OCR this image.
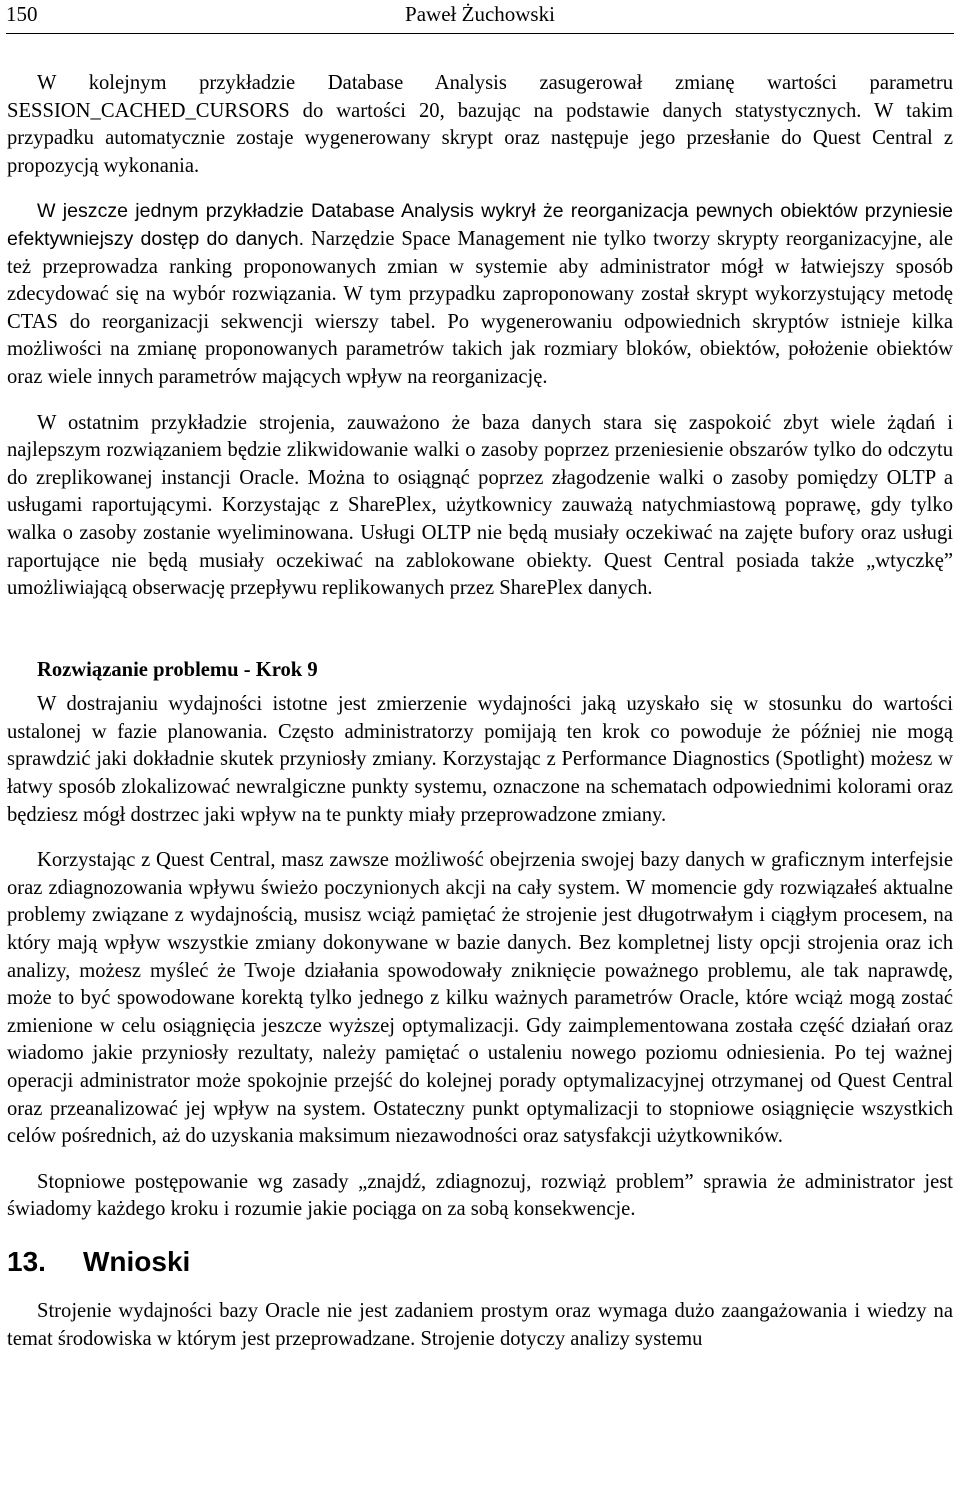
150	Paweł Żuchowski

W kolejnym przykładzie Database Analysis zasugerował zmianę wartości parametru SESSION_CACHED_CURSORS do wartości 20, bazując na podstawie danych statystycznych. W takim przypadku automatycznie zostaje wygenerowany skrypt oraz następuje jego przesłanie do Quest Central z propozycją wykonania.

W jeszcze jednym przykładzie Database Analysis wykrył że reorganizacja pewnych obiektów przyniesie efektywniejszy dostęp do danych. Narzędzie Space Management nie tylko tworzy skrypty reorganizacyjne, ale też przeprowadza ranking proponowanych zmian w systemie aby administrator mógł w łatwiejszy sposób zdecydować się na wybór rozwiązania. W tym przypadku zaproponowany został skrypt wykorzystujący metodę CTAS do reorganizacji sekwencji wierszy tabel. Po wygenerowaniu odpowiednich skryptów istnieje kilka możliwości na zmianę proponowanych parametrów takich jak rozmiary bloków, obiektów, położenie obiektów oraz wiele innych parametrów mających wpływ na reorganizację.

W ostatnim przykładzie strojenia, zauważono że baza danych stara się zaspokoić zbyt wiele żądań i najlepszym rozwiązaniem będzie zlikwidowanie walki o zasoby poprzez przeniesienie obszarów tylko do odczytu do zreplikowanej instancji Oracle. Można to osiągnąć poprzez złagodzenie walki o zasoby pomiędzy OLTP a usługami raportującymi. Korzystając z SharePlex, użytkownicy zauważą natychmiastową poprawę, gdy tylko walka o zasoby zostanie wyeliminowana. Usługi OLTP nie będą musiały oczekiwać na zajęte bufory oraz usługi raportujące nie będą musiały oczekiwać na zablokowane obiekty. Quest Central posiada także „wtyczkę” umożliwiającą obserwację przepływu replikowanych przez SharePlex danych.

Rozwiązanie problemu - Krok 9

W dostrajaniu wydajności istotne jest zmierzenie wydajności jaką uzyskało się w stosunku do wartości ustalonej w fazie planowania. Często administratorzy pomijają ten krok co powoduje że później nie mogą sprawdzić jaki dokładnie skutek przyniosły zmiany. Korzystając z Performance Diagnostics (Spotlight) możesz w łatwy sposób zlokalizować newralgiczne punkty systemu, oznaczone na schematach odpowiednimi kolorami oraz będziesz mógł dostrzec jaki wpływ na te punkty miały przeprowadzone zmiany.

Korzystając z Quest Central, masz zawsze możliwość obejrzenia swojej bazy danych w graficznym interfejsie oraz zdiagnozowania wpływu świeżo poczynionych akcji na cały system. W momencie gdy rozwiązałeś aktualne problemy związane z wydajnością, musisz wciąż pamiętać że strojenie jest długotrwałym i ciągłym procesem, na który mają wpływ wszystkie zmiany dokonywane w bazie danych. Bez kompletnej listy opcji strojenia oraz ich analizy, możesz myśleć że Twoje działania spowodowały zniknięcie poważnego problemu, ale tak naprawdę, może to być spowodowane korektą tylko jednego z kilku ważnych parametrów Oracle, które wciąż mogą zostać zmienione w celu osiągnięcia jeszcze wyższej optymalizacji. Gdy zaimplementowana została część działań oraz wiadomo jakie przyniosły rezultaty, należy pamiętać o ustaleniu nowego poziomu odniesienia. Po tej ważnej operacji administrator może spokojnie przejść do kolejnej porady optymalizacyjnej otrzymanej od Quest Central oraz przeanalizować jej wpływ na system. Ostateczny punkt optymalizacji to stopniowe osiągnięcie wszystkich celów pośrednich, aż do uzyskania maksimum niezawodności oraz satysfakcji użytkowników.

Stopniowe postępowanie wg zasady „znajdź, zdiagnozuj, rozwiąż problem” sprawia że administrator jest świadomy każdego kroku i rozumie jakie pociąga on za sobą konsekwencje.

13. Wnioski

Strojenie wydajności bazy Oracle nie jest zadaniem prostym oraz wymaga dużo zaangażowania i wiedzy na temat środowiska w którym jest przeprowadzane. Strojenie dotyczy analizy systemu
